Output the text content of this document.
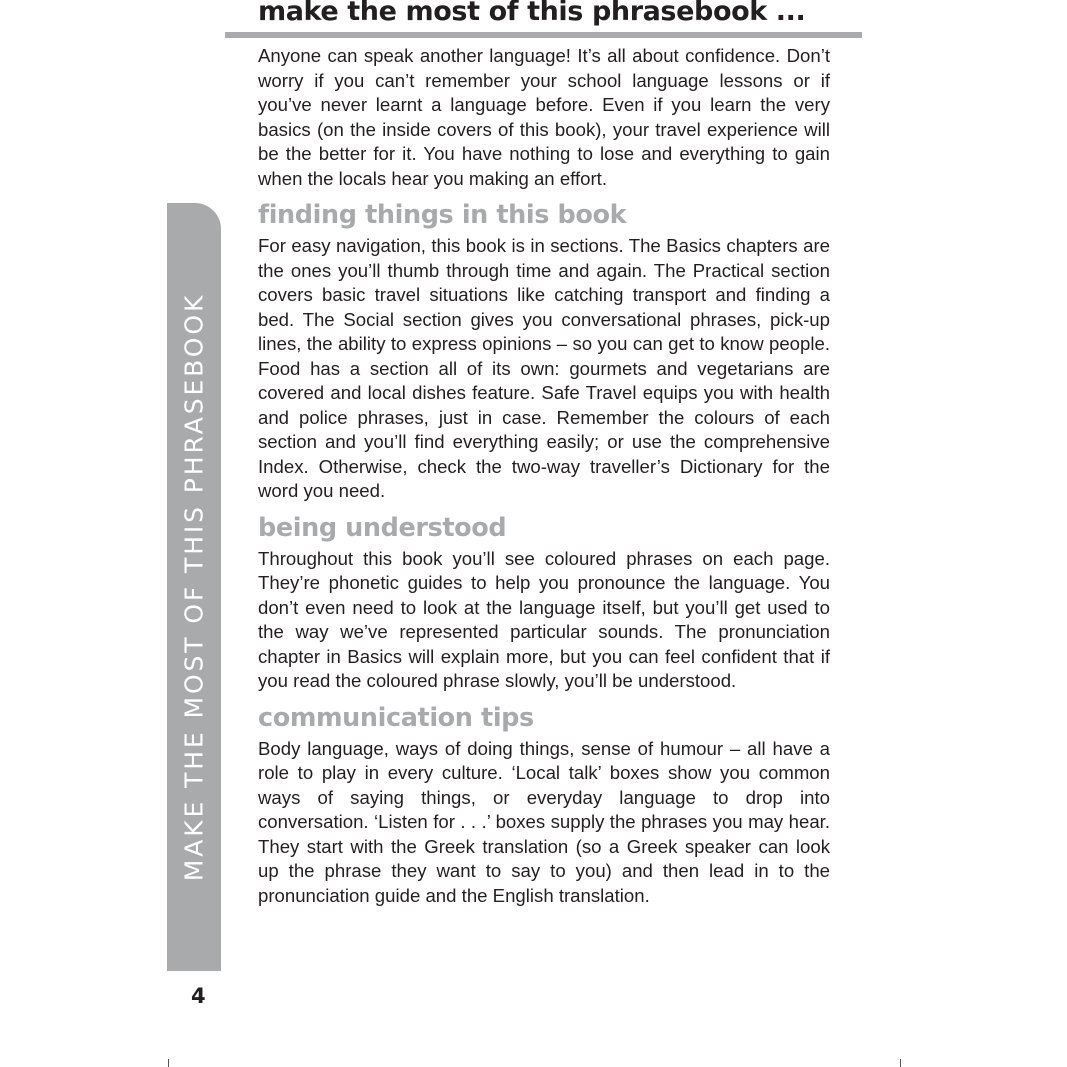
make the most of this phrasebook ...
MAKE THE MOST OF THIS PHRASEBOOK
4

Anyone can speak another language! It’s all about confidence. Don’t worry if you can’t remember your school language lessons or if you’ve never learnt a language before. Even if you learn the very basics (on the inside covers of this book), your travel experience will be the better for it. You have nothing to lose and everything to gain when the locals hear you making an effort.

finding things in this book

For easy navigation, this book is in sections. The Basics chapters are the ones you’ll thumb through time and again. The Practical section covers basic travel situations like catching transport and finding a bed. The Social section gives you conversational phrases, pick-up lines, the ability to express opinions – so you can get to know people. Food has a section all of its own: gourmets and vegetarians are covered and local dishes feature. Safe Travel equips you with health and police phrases, just in case. Remember the colours of each section and you’ll find everything easily; or use the comprehensive Index. Otherwise, check the two-way traveller’s Dictionary for the word you need.

being understood

Throughout this book you’ll see coloured phrases on each page. They’re phonetic guides to help you pronounce the language. You don’t even need to look at the language itself, but you’ll get used to the way we’ve represented particular sounds. The pronunciation chapter in Basics will explain more, but you can feel confident that if you read the coloured phrase slowly, you’ll be understood.

communication tips

Body language, ways of doing things, sense of humour – all have a role to play in every culture. ‘Local talk’ boxes show you common ways of saying things, or everyday language to drop into conversation. ‘Listen for . . .’ boxes supply the phrases you may hear. They start with the Greek translation (so a Greek speaker can look up the phrase they want to say to you) and then lead in to the pronunciation guide and the English translation.
